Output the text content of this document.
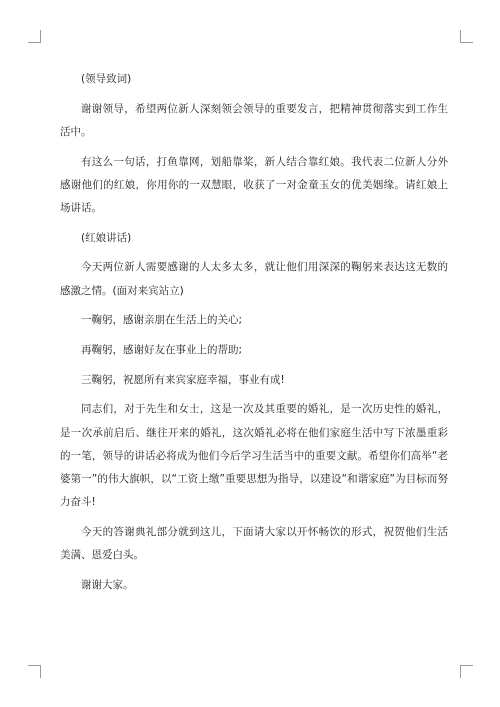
(领导致词)

谢谢领导，希望两位新人深刻领会领导的重要发言，把精神贯彻落实到工作生活中。

有这么一句话，打鱼靠网，划船靠桨，新人结合靠红娘。我代表二位新人分外感谢他们的红娘，你用你的一双慧眼，收获了一对金童玉女的优美姻缘。请红娘上场讲话。

(红娘讲话)

今天两位新人需要感谢的人太多太多，就让他们用深深的鞠躬来表达这无数的感激之情。(面对来宾站立)

一鞠躬，感谢亲朋在生活上的关心;

再鞠躬，感谢好友在事业上的帮助;

三鞠躬，祝愿所有来宾家庭幸福，事业有成!

同志们，对于先生和女士，这是一次及其重要的婚礼，是一次历史性的婚礼，是一次承前启后、继往开来的婚礼，这次婚礼必将在他们家庭生活中写下浓墨重彩的一笔，领导的讲话必将成为他们今后学习生活当中的重要文献。希望你们高举“老婆第一”的伟大旗帜，以“工资上缴”重要思想为指导，以建设“和谐家庭”为目标而努力奋斗!

今天的答谢典礼部分就到这儿，下面请大家以开怀畅饮的形式，祝贺他们生活美满、恩爱白头。

谢谢大家。
